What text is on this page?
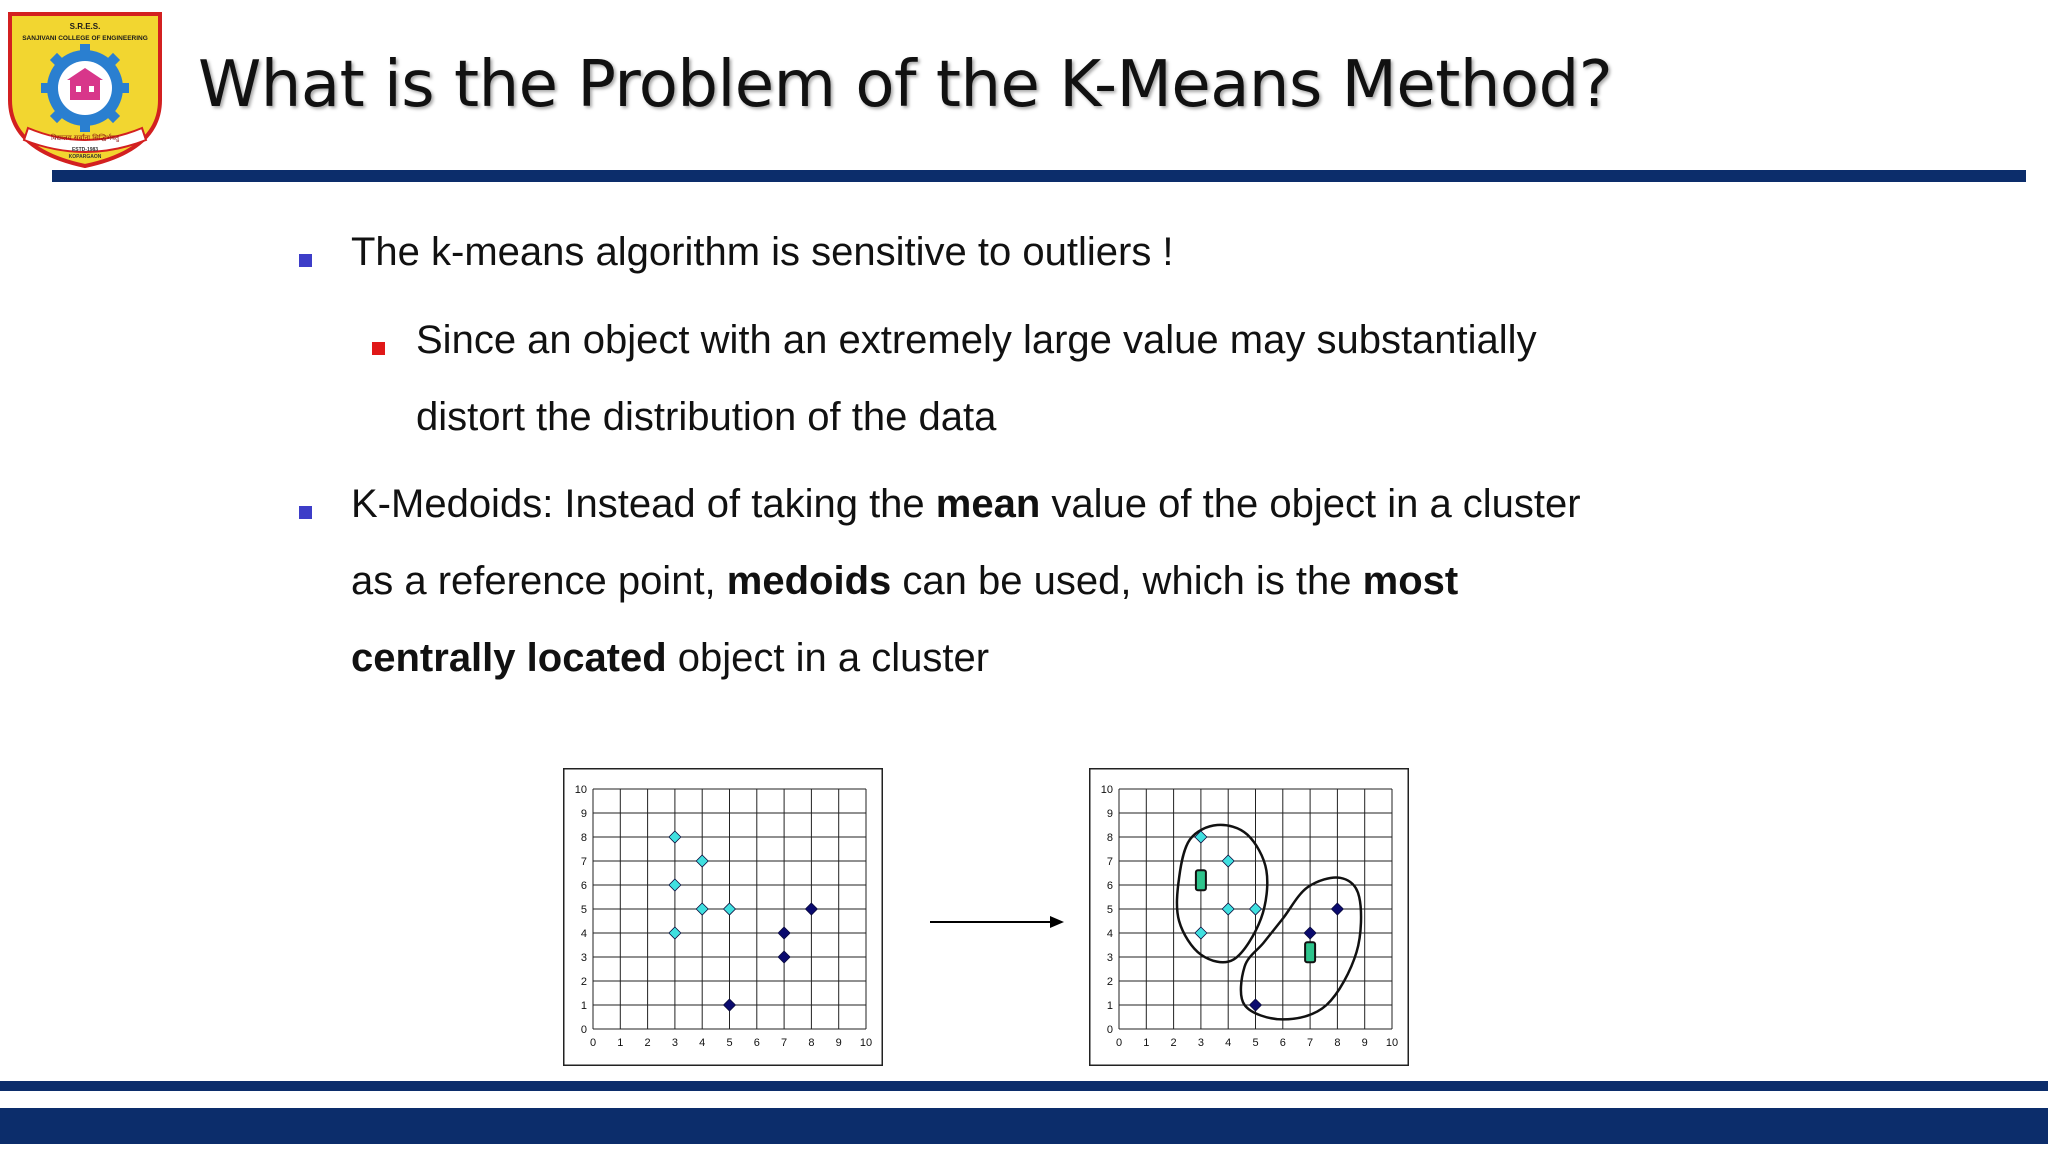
S.R.E.S.
SANJIVANI COLLEGE OF ENGINEERING
विद्यालय सर्वांना सिद्धिर्भवतु
ESTD-1983
KOPARGAON
What is the Problem of the K-Means Method?
The k-means algorithm is sensitive to outliers !
Since an object with an extremely large value may substantially
distort the distribution of the data
K-Medoids: Instead of taking the mean value of the object in a cluster
as a reference point, medoids can be used, which is the most
centrally located object in a cluster
0 1 2 3 4 5 6 7 8 9 10
0
1
2
3
4
5
6
7
8
9
10
0 1 2 3 4 5 6 7 8 9 10
0
1
2
3
4
5
6
7
8
9
10
